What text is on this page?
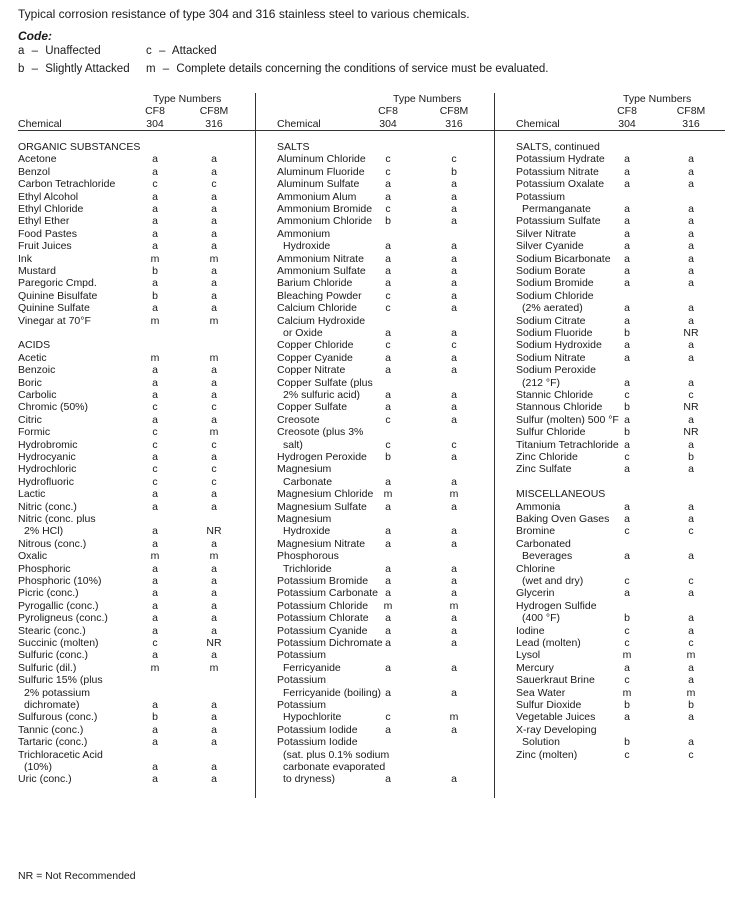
Typical corrosion resistance of type 304 and 316 stainless steel to various chemicals.
Code:
a – Unaffected
b – Slightly Attacked
c – Attacked
m – Complete details concerning the conditions of service must be evaluated.
Type Numbers
CF8	CF8M
Chemical	304	316
Type Numbers
CF8	CF8M
Chemical	304	316
Type Numbers
CF8	CF8M
Chemical	304	316
ORGANIC SUBSTANCES
Acetone	a	a
Benzol	a	a
Carbon Tetrachloride	c	c
Ethyl Alcohol	a	a
Ethyl Chloride	a	a
Ethyl Ether	a	a
Food Pastes	a	a
Fruit Juices	a	a
Ink	m	m
Mustard	b	a
Paregoric Cmpd.	a	a
Quinine Bisulfate	b	a
Quinine Sulfate	a	a
Vinegar at 70°F	m	m
ACIDS
Acetic	m	m
Benzoic	a	a
Boric	a	a
Carbolic	a	a
Chromic (50%)	c	c
Citric	a	a
Formic	c	m
Hydrobromic	c	c
Hydrocyanic	a	a
Hydrochloric	c	c
Hydrofluoric	c	c
Lactic	a	a
Nitric (conc.)	a	a
Nitric (conc. plus
2% HCl)	a	NR
Nitrous (conc.)	a	a
Oxalic	m	m
Phosphoric	a	a
Phosphoric (10%)	a	a
Picric (conc.)	a	a
Pyrogallic (conc.)	a	a
Pyroligneus (conc.)	a	a
Stearic (conc.)	a	a
Succinic (molten)	c	NR
Sulfuric (conc.)	a	a
Sulfuric (dil.)	m	m
Sulfuric 15% (plus
2% potassium
dichromate)	a	a
Sulfurous (conc.)	b	a
Tannic (conc.)	a	a
Tartaric (conc.)	a	a
Trichloracetic Acid
(10%)	a	a
Uric (conc.)	a	a
SALTS
Aluminum Chloride	c	c
Aluminum Fluoride	c	b
Aluminum Sulfate	a	a
Ammonium Alum	a	a
Ammonium Bromide	c	a
Ammonium Chloride	b	a
Ammonium
Hydroxide	a	a
Ammonium Nitrate	a	a
Ammonium Sulfate	a	a
Barium Chloride	a	a
Bleaching Powder	c	a
Calcium Chloride	c	a
Calcium Hydroxide
or Oxide	a	a
Copper Chloride	c	c
Copper Cyanide	a	a
Copper Nitrate	a	a
Copper Sulfate (plus
2% sulfuric acid)	a	a
Copper Sulfate	a	a
Creosote	c	a
Creosote (plus 3%
salt)	c	c
Hydrogen Peroxide	b	a
Magnesium
Carbonate	a	a
Magnesium Chloride m	m
Magnesium Sulfate	a	a
Magnesium
Hydroxide	a	a
Magnesium Nitrate	a	a
Phosphorous
Trichloride	a	a
Potassium Bromide	a	a
Potassium Carbonate a	a
Potassium Chloride	m	m
Potassium Chlorate	a	a
Potassium Cyanide	a	a
Potassium Dichromate a	a
Potassium
Ferricyanide	a	a
Potassium
Ferricyanide (boiling) a	a
Potassium
Hypochlorite	c	m
Potassium Iodide	a	a
Potassium Iodide
(sat. plus 0.1% sodium
carbonate evaporated
to dryness)	a	a
SALTS, continued
Potassium Hydrate	a	a
Potassium Nitrate	a	a
Potassium Oxalate	a	a
Potassium
Permanganate	a	a
Potassium Sulfate	a	a
Silver Nitrate	a	a
Silver Cyanide	a	a
Sodium Bicarbonate	a	a
Sodium Borate	a	a
Sodium Bromide	a	a
Sodium Chloride
(2% aerated)	a	a
Sodium Citrate	a	a
Sodium Fluoride	b	NR
Sodium Hydroxide	a	a
Sodium Nitrate	a	a
Sodium Peroxide
(212 °F)	a	a
Stannic Chloride	c	c
Stannous Chloride	b	NR
Sulfur (molten) 500 °F a	a
Sulfur Chloride	b	NR
Titanium Tetrachloride a	a
Zinc Chloride	c	b
Zinc Sulfate	a	a
MISCELLANEOUS
Ammonia	a	a
Baking Oven Gases	a	a
Bromine	c	c
Carbonated
Beverages	a	a
Chlorine
(wet and dry)	c	c
Glycerin	a	a
Hydrogen Sulfide
(400 °F)	b	a
Iodine	c	a
Lead (molten)	c	c
Lysol	m	m
Mercury	a	a
Sauerkraut Brine	c	a
Sea Water	m	m
Sulfur Dioxide	b	b
Vegetable Juices	a	a
X-ray Developing
Solution	b	a
Zinc (molten)	c	c
NR = Not Recommended
